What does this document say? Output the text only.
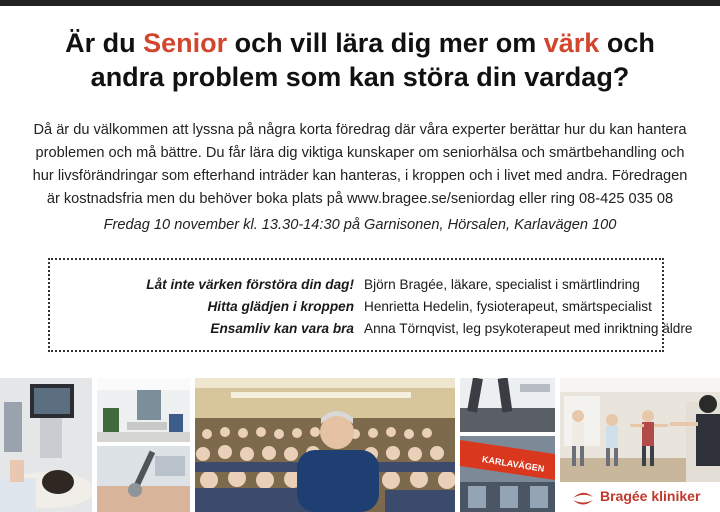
Är du Senior och vill lära dig mer om värk och
andra problem som kan störa din vardag?
Då är du välkommen att lyssna på några korta föredrag där våra experter berättar hur du kan hantera
problemen och må bättre. Du får lära dig viktiga kunskaper om seniorhälsa och smärtbehandling och
hur livsförändringar som efterhand inträder kan hanteras, i kroppen och i livet med andra. Föredragen
är kostnadsfria men du behöver boka plats på www.bragee.se/seniordag eller ring 08-425 035 08
Fredag 10 november kl. 13.30-14:30 på Garnisonen, Hörsalen, Karlavägen 100
Låt inte värken förstöra din dag! Björn Bragée, läkare, specialist i smärtlindring
Hitta glädjen i kroppen Henrietta Hedelin, fysioterapeut, smärtspecialist
Ensamliv kan vara bra Anna Törnqvist, leg psykoterapeut med inriktning äldre
KARLAVÄGEN
Bragée kliniker
